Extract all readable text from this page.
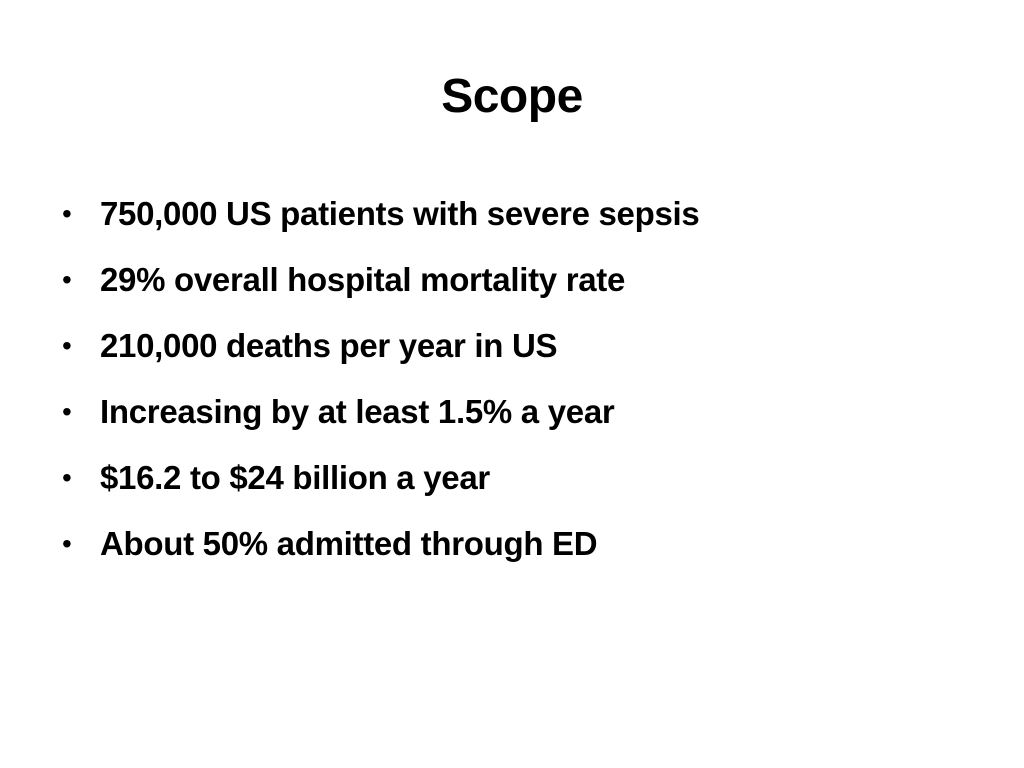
Scope
• 750,000 US patients with severe sepsis
• 29% overall hospital mortality rate
• 210,000 deaths per year in US
• Increasing by at least 1.5% a year
• $16.2 to $24 billion a year
• About 50% admitted through ED
